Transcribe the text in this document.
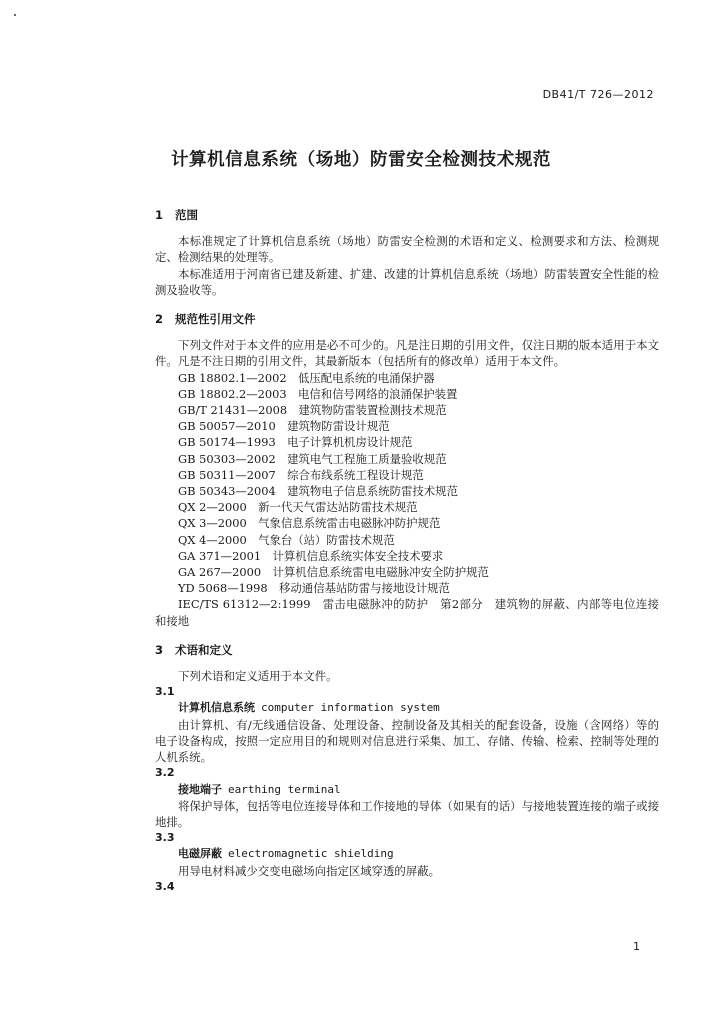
DB41/T 726—2012
计算机信息系统（场地）防雷安全检测技术规范
1 范围

本标准规定了计算机信息系统（场地）防雷安全检测的术语和定义、检测要求和方法、检测规定、检测结果的处理等。

本标准适用于河南省已建及新建、扩建、改建的计算机信息系统（场地）防雷装置安全性能的检测及验收等。

2 规范性引用文件

下列文件对于本文件的应用是必不可少的。凡是注日期的引用文件，仅注日期的版本适用于本文件。凡是不注日期的引用文件，其最新版本（包括所有的修改单）适用于本文件。

GB 18802.1—2002　低压配电系统的电涌保护器

GB 18802.2—2003　电信和信号网络的浪涌保护装置

GB/T 21431—2008　建筑物防雷装置检测技术规范

GB 50057—2010　建筑物防雷设计规范

GB 50174—1993　电子计算机机房设计规范

GB 50303—2002　建筑电气工程施工质量验收规范

GB 50311—2007　综合布线系统工程设计规范

GB 50343—2004　建筑物电子信息系统防雷技术规范

QX 2—2000　新一代天气雷达站防雷技术规范

QX 3—2000　气象信息系统雷击电磁脉冲防护规范

QX 4—2000　气象台（站）防雷技术规范

GA 371—2001　计算机信息系统实体安全技术要求

GA 267—2000　计算机信息系统雷电电磁脉冲安全防护规范

YD 5068—1998　移动通信基站防雷与接地设计规范

IEC/TS 61312—2:1999　雷击电磁脉冲的防护　第2部分　建筑物的屏蔽、内部等电位连接和接地

3 术语和定义

下列术语和定义适用于本文件。

3.1

计算机信息系统 computer information system

由计算机、有/无线通信设备、处理设备、控制设备及其相关的配套设备，设施（含网络）等的电子设备构成，按照一定应用目的和规则对信息进行采集、加工、存储、传输、检索、控制等处理的人机系统。

3.2

接地端子 earthing terminal

将保护导体，包括等电位连接导体和工作接地的导体（如果有的话）与接地装置连接的端子或接地排。

3.3

电磁屏蔽 electromagnetic shielding

用导电材料减少交变电磁场向指定区域穿透的屏蔽。

3.4

1
